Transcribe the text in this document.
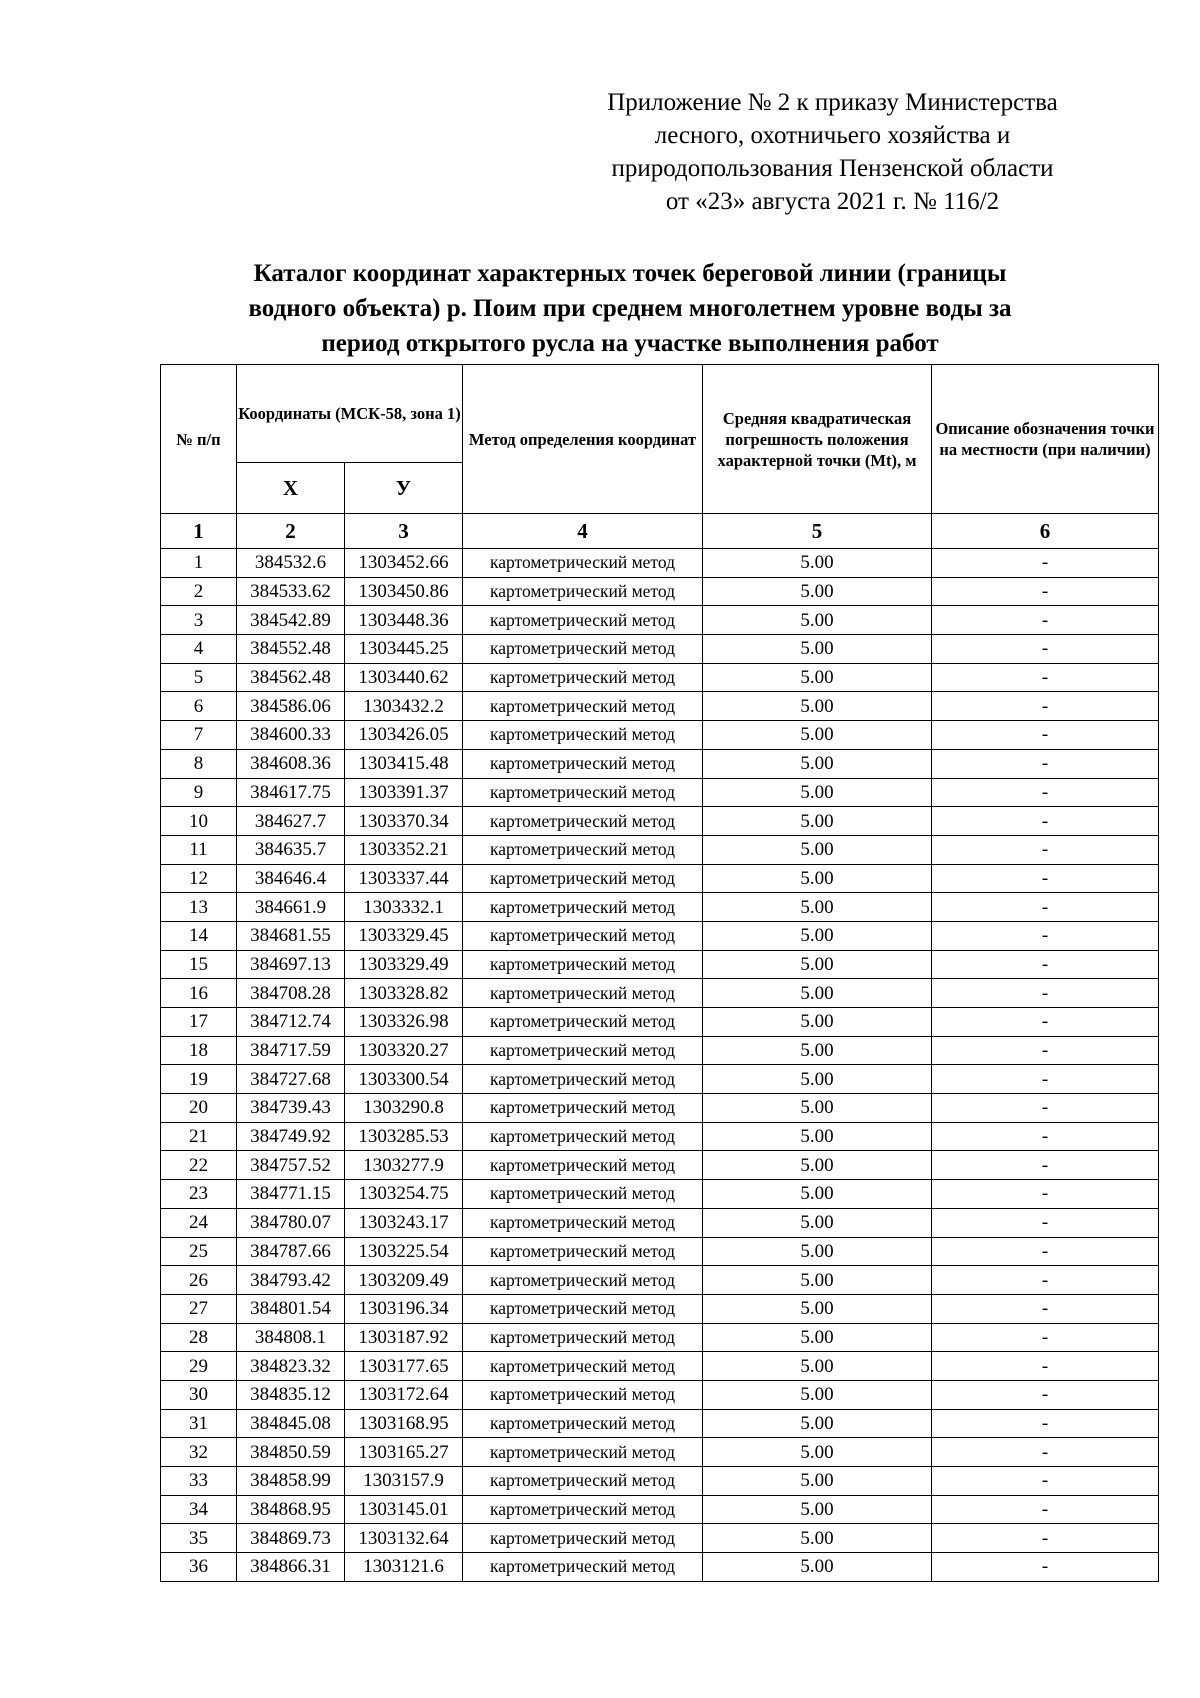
Приложение № 2 к приказу Министерства
лесного, охотничьего хозяйства и
природопользования Пензенской области
от «23» августа 2021 г. № 116/2
Каталог координат характерных точек береговой линии (границы
водного объекта) р. Поим при среднем многолетнем уровне воды за
период открытого русла на участке выполнения работ
№ п/п	Координаты (МСК-58, зона 1)		Метод определения координат	Средняя квадратическая погрешность положения характерной точки (Mt), м	Описание обозначения точки на местности (при наличии)
	X	У			
1	2	3	4	5	6
1	384532.6	1303452.66	картометрический метод	5.00	-
2	384533.62	1303450.86	картометрический метод	5.00	-
3	384542.89	1303448.36	картометрический метод	5.00	-
4	384552.48	1303445.25	картометрический метод	5.00	-
5	384562.48	1303440.62	картометрический метод	5.00	-
6	384586.06	1303432.2	картометрический метод	5.00	-
7	384600.33	1303426.05	картометрический метод	5.00	-
8	384608.36	1303415.48	картометрический метод	5.00	-
9	384617.75	1303391.37	картометрический метод	5.00	-
10	384627.7	1303370.34	картометрический метод	5.00	-
11	384635.7	1303352.21	картометрический метод	5.00	-
12	384646.4	1303337.44	картометрический метод	5.00	-
13	384661.9	1303332.1	картометрический метод	5.00	-
14	384681.55	1303329.45	картометрический метод	5.00	-
15	384697.13	1303329.49	картометрический метод	5.00	-
16	384708.28	1303328.82	картометрический метод	5.00	-
17	384712.74	1303326.98	картометрический метод	5.00	-
18	384717.59	1303320.27	картометрический метод	5.00	-
19	384727.68	1303300.54	картометрический метод	5.00	-
20	384739.43	1303290.8	картометрический метод	5.00	-
21	384749.92	1303285.53	картометрический метод	5.00	-
22	384757.52	1303277.9	картометрический метод	5.00	-
23	384771.15	1303254.75	картометрический метод	5.00	-
24	384780.07	1303243.17	картометрический метод	5.00	-
25	384787.66	1303225.54	картометрический метод	5.00	-
26	384793.42	1303209.49	картометрический метод	5.00	-
27	384801.54	1303196.34	картометрический метод	5.00	-
28	384808.1	1303187.92	картометрический метод	5.00	-
29	384823.32	1303177.65	картометрический метод	5.00	-
30	384835.12	1303172.64	картометрический метод	5.00	-
31	384845.08	1303168.95	картометрический метод	5.00	-
32	384850.59	1303165.27	картометрический метод	5.00	-
33	384858.99	1303157.9	картометрический метод	5.00	-
34	384868.95	1303145.01	картометрический метод	5.00	-
35	384869.73	1303132.64	картометрический метод	5.00	-
36	384866.31	1303121.6	картометрический метод	5.00	-
